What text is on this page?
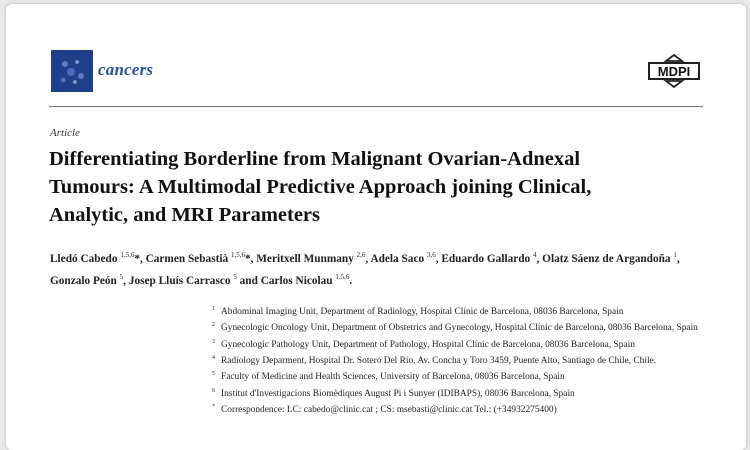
cancers	MDPI
Article
Differentiating Borderline from Malignant Ovarian-Adnexal
Tumours: A Multimodal Predictive Approach joining Clinical,
Analytic, and MRI Parameters
Lledó Cabedo $^{1,5,6}$*, Carmen Sebastià $^{1,5,6}$*, Meritxell Munmany $^{2,6}$, Adela Saco $^{3,6}$, Eduardo Gallardo $^4$, Olatz Sáenz de Argandoña $^1$, Gonzalo Peón $^5$, Josep Lluís Carrasco $^5$ and Carlos Nicolau $^{1,5,6}$.
$^1$ Abdominal Imaging Unit, Department of Radiology, Hospital Clínic de Barcelona, 08036 Barcelona, Spain
$^2$ Gynecologic Oncology Unit, Department of Obstetrics and Gynecology, Hospital Clínic de Barcelona, 08036 Barcelona, Spain
$^3$ Gynecologic Pathology Unit, Department of Pathology, Hospital Clínic de Barcelona, 08036 Barcelona, Spain
$^4$ Radiology Deparment, Hospital Dr. Sotero Del Rio, Av. Concha y Toro 3459, Puente Alto, Santiago de Chile, Chile.
$^5$ Faculty of Medicine and Health Sciences, University of Barcelona, 08036 Barcelona, Spain
$^6$ Institut d'Investigacions Biomèdiques August Pi i Sunyer (IDIBAPS), 08036 Barcelona, Spain
* Correspondence: LC: cabedo@clinic.cat ; CS: msebasti@clinic.cat Tel.: (+34932275400)
